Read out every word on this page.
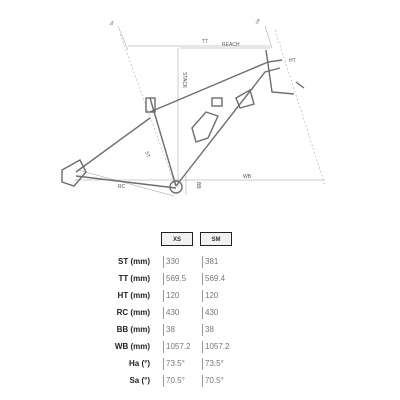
TT	REACH
STACK
ST
RC	BB
WB
HT
Ha
Sa
XS	SM
ST (mm)	330	381
TT (mm)	569.5	569.4
HT (mm)	120	120
RC (mm)	430	430
BB (mm)	38	38
WB (mm)	1057.2	1057.2
Ha (°)	73.5°	73.5°
Sa (°)	70.5°	70.5°
